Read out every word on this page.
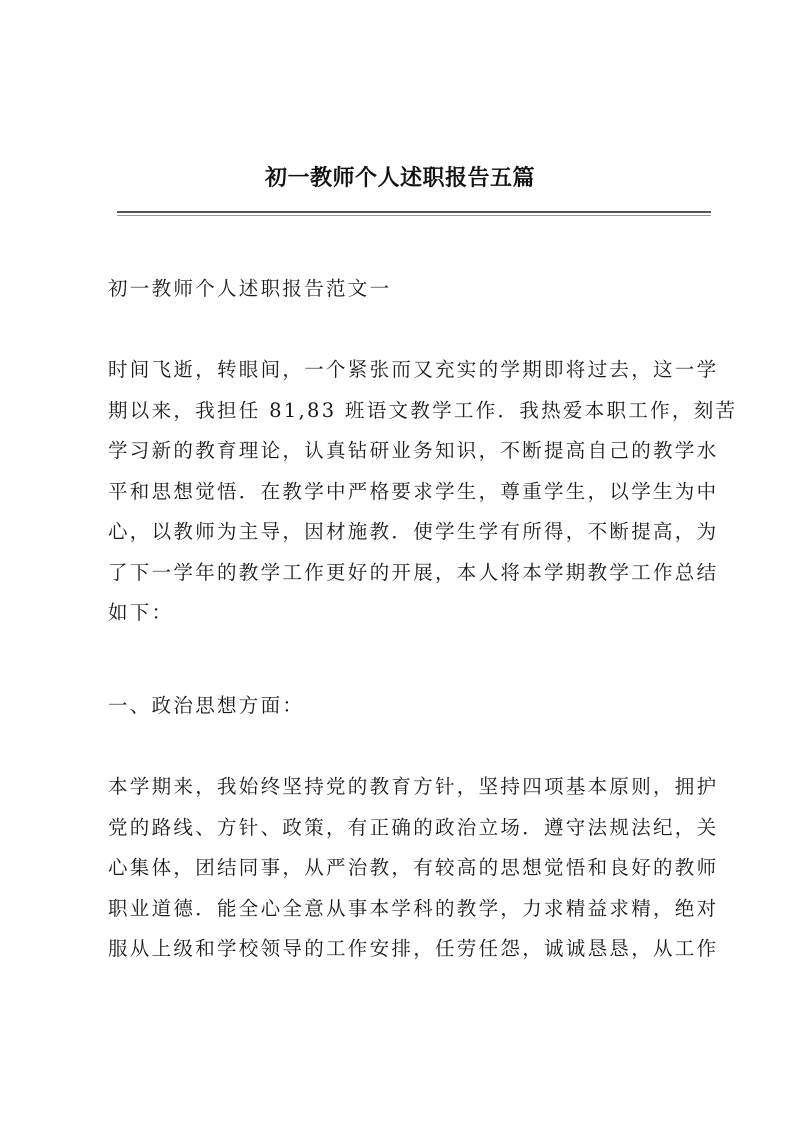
初一教师个人述职报告五篇
初一教师个人述职报告范文一
时间飞逝，转眼间，一个紧张而又充实的学期即将过去，这一学
期以来，我担任 81,83 班语文教学工作．我热爱本职工作，刻苦
学习新的教育理论，认真钻研业务知识，不断提高自己的教学水
平和思想觉悟．在教学中严格要求学生，尊重学生，以学生为中
心，以教师为主导，因材施教．使学生学有所得，不断提高，为
了下一学年的教学工作更好的开展，本人将本学期教学工作总结
如下：
一、政治思想方面：
本学期来，我始终坚持党的教育方针，坚持四项基本原则，拥护
党的路线、方针、政策，有正确的政治立场．遵守法规法纪，关
心集体，团结同事，从严治教，有较高的思想觉悟和良好的教师
职业道德．能全心全意从事本学科的教学，力求精益求精，绝对
服从上级和学校领导的工作安排，任劳任怨，诚诚恳恳，从工作
